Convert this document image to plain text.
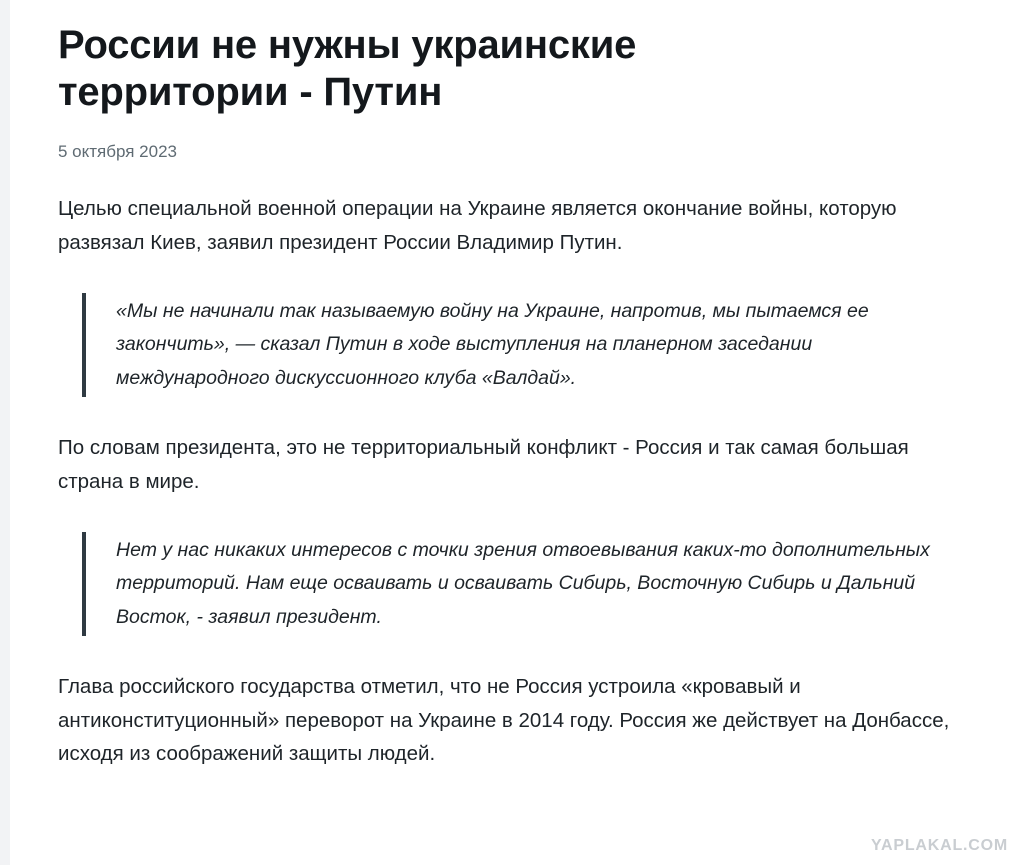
России не нужны украинские территории - Путин
5 октября 2023

Целью специальной военной операции на Украине является окончание войны, которую развязал Киев, заявил президент России Владимир Путин.

«Мы не начинали так называемую войну на Украине, напротив, мы пытаемся ее закончить», — сказал Путин в ходе выступления на планерном заседании международного дискуссионного клуба «Валдай».

По словам президента, это не территориальный конфликт - Россия и так самая большая страна в мире.

Нет у нас никаких интересов с точки зрения отвоевывания каких-то дополнительных территорий. Нам еще осваивать и осваивать Сибирь, Восточную Сибирь и Дальний Восток, - заявил президент.

Глава российского государства отметил, что не Россия устроила «кровавый и антиконституционный» переворот на Украине в 2014 году. Россия же действует на Донбассе, исходя из соображений защиты людей.

YAPLAKAL.COM
